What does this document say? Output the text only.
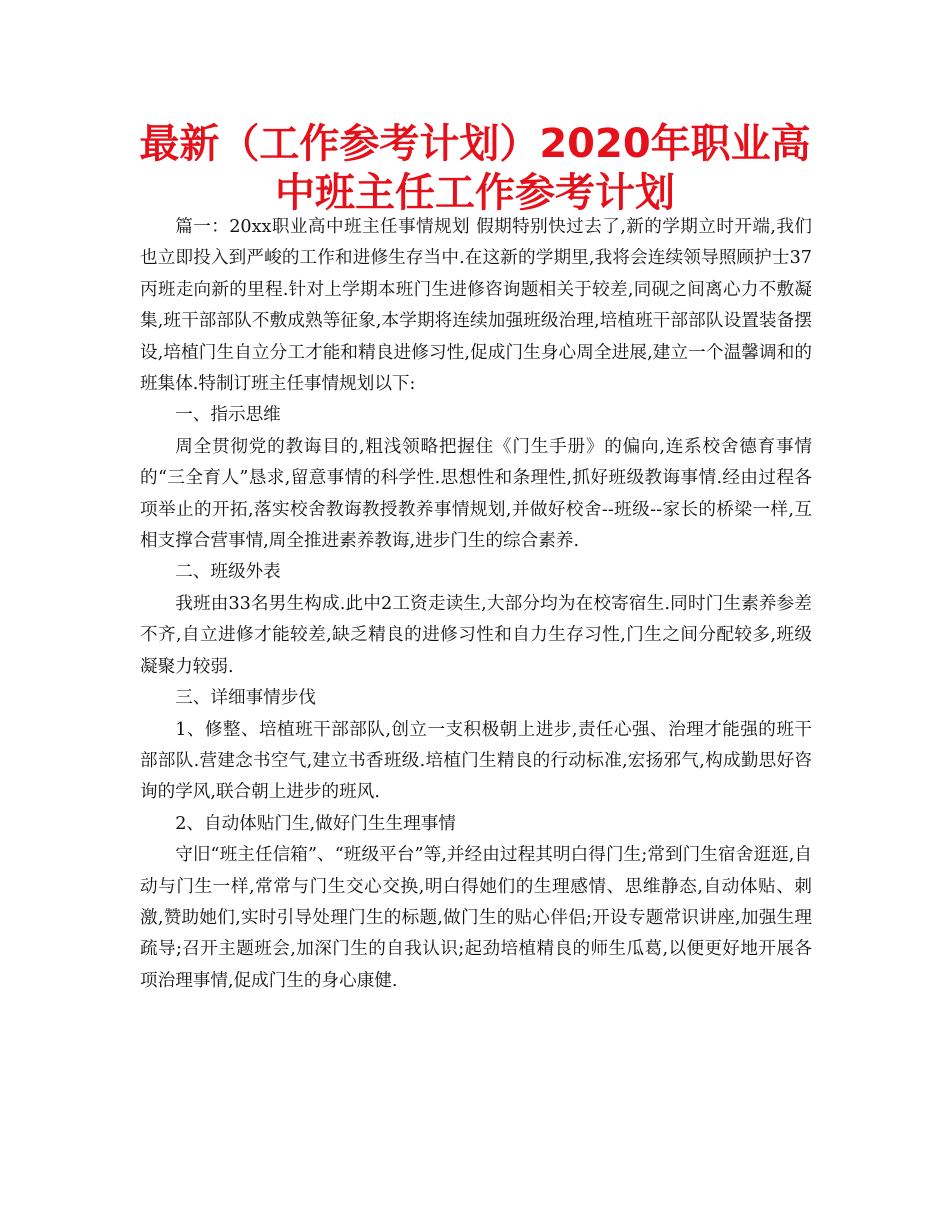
最新（工作参考计划）2020年职业高中班主任工作参考计划

篇一：20xx职业高中班主任事情规划 假期特别快过去了,新的学期立时开端,我们也立即投入到严峻的工作和进修生存当中.在这新的学期里,我将会连续领导照顾护士37丙班走向新的里程.针对上学期本班门生进修咨询题相关于较差,同砚之间离心力不敷凝集,班干部部队不敷成熟等征象,本学期将连续加强班级治理,培植班干部部队设置装备摆设,培植门生自立分工才能和精良进修习性,促成门生身心周全进展,建立一个温馨调和的班集体.特制订班主任事情规划以下:

一、指示思维

周全贯彻党的教诲目的,粗浅领略把握住《门生手册》的偏向,连系校舍德育事情的“三全育人”恳求,留意事情的科学性.思想性和条理性,抓好班级教诲事情.经由过程各项举止的开拓,落实校舍教诲教授教养事情规划,并做好校舍--班级--家长的桥梁一样,互相支撑合营事情,周全推进素养教诲,进步门生的综合素养.

二、班级外表

我班由33名男生构成.此中2工资走读生,大部分均为在校寄宿生.同时门生素养参差不齐,自立进修才能较差,缺乏精良的进修习性和自力生存习性,门生之间分配较多,班级凝聚力较弱.

三、详细事情步伐

1、修整、培植班干部部队,创立一支积极朝上进步,责任心强、治理才能强的班干部部队.营建念书空气,建立书香班级.培植门生精良的行动标准,宏扬邪气,构成勤思好咨询的学风,联合朝上进步的班风.

2、自动体贴门生,做好门生生理事情

守旧“班主任信箱”、“班级平台”等,并经由过程其明白得门生;常到门生宿舍逛逛,自动与门生一样,常常与门生交心交换,明白得她们的生理感情、思维静态,自动体贴、刺激,赞助她们,实时引导处理门生的标题,做门生的贴心伴侣;开设专题常识讲座,加强生理疏导;召开主题班会,加深门生的自我认识;起劲培植精良的师生瓜葛,以便更好地开展各项治理事情,促成门生的身心康健.
